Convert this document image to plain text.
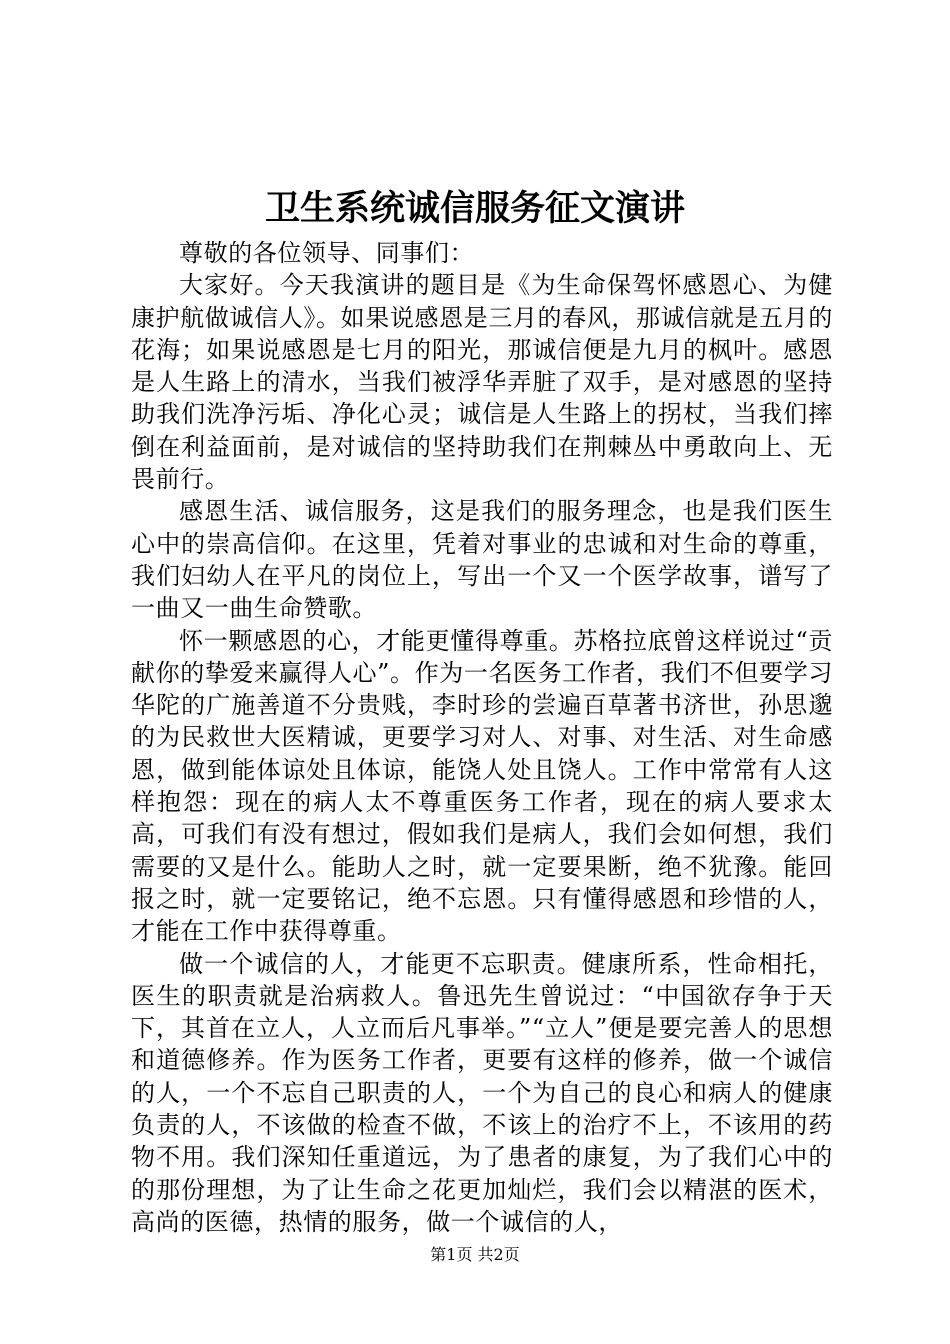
卫生系统诚信服务征文演讲

尊敬的各位领导、同事们：

大家好。今天我演讲的题目是《为生命保驾怀感恩心、为健康护航做诚信人》。如果说感恩是三月的春风，那诚信就是五月的花海；如果说感恩是七月的阳光，那诚信便是九月的枫叶。感恩是人生路上的清水，当我们被浮华弄脏了双手，是对感恩的坚持助我们洗净污垢、净化心灵；诚信是人生路上的拐杖，当我们摔倒在利益面前，是对诚信的坚持助我们在荆棘丛中勇敢向上、无畏前行。

感恩生活、诚信服务，这是我们的服务理念，也是我们医生心中的崇高信仰。在这里，凭着对事业的忠诚和对生命的尊重，我们妇幼人在平凡的岗位上，写出一个又一个医学故事，谱写了一曲又一曲生命赞歌。

怀一颗感恩的心，才能更懂得尊重。苏格拉底曾这样说过“贡献你的挚爱来赢得人心”。作为一名医务工作者，我们不但要学习华陀的广施善道不分贵贱，李时珍的尝遍百草著书济世，孙思邈的为民救世大医精诚，更要学习对人、对事、对生活、对生命感恩，做到能体谅处且体谅，能饶人处且饶人。工作中常常有人这样抱怨：现在的病人太不尊重医务工作者，现在的病人要求太高，可我们有没有想过，假如我们是病人，我们会如何想，我们需要的又是什么。能助人之时，就一定要果断，绝不犹豫。能回报之时，就一定要铭记，绝不忘恩。只有懂得感恩和珍惜的人，才能在工作中获得尊重。

做一个诚信的人，才能更不忘职责。健康所系，性命相托，医生的职责就是治病救人。鲁迅先生曾说过：“中国欲存争于天下，其首在立人，人立而后凡事举。”“立人”便是要完善人的思想和道德修养。作为医务工作者，更要有这样的修养，做一个诚信的人，一个不忘自己职责的人，一个为自己的良心和病人的健康负责的人，不该做的检查不做，不该上的治疗不上，不该用的药物不用。我们深知任重道远，为了患者的康复，为了我们心中的的那份理想，为了让生命之花更加灿烂，我们会以精湛的医术，高尚的医德，热情的服务，做一个诚信的人，

第1页 共2页
